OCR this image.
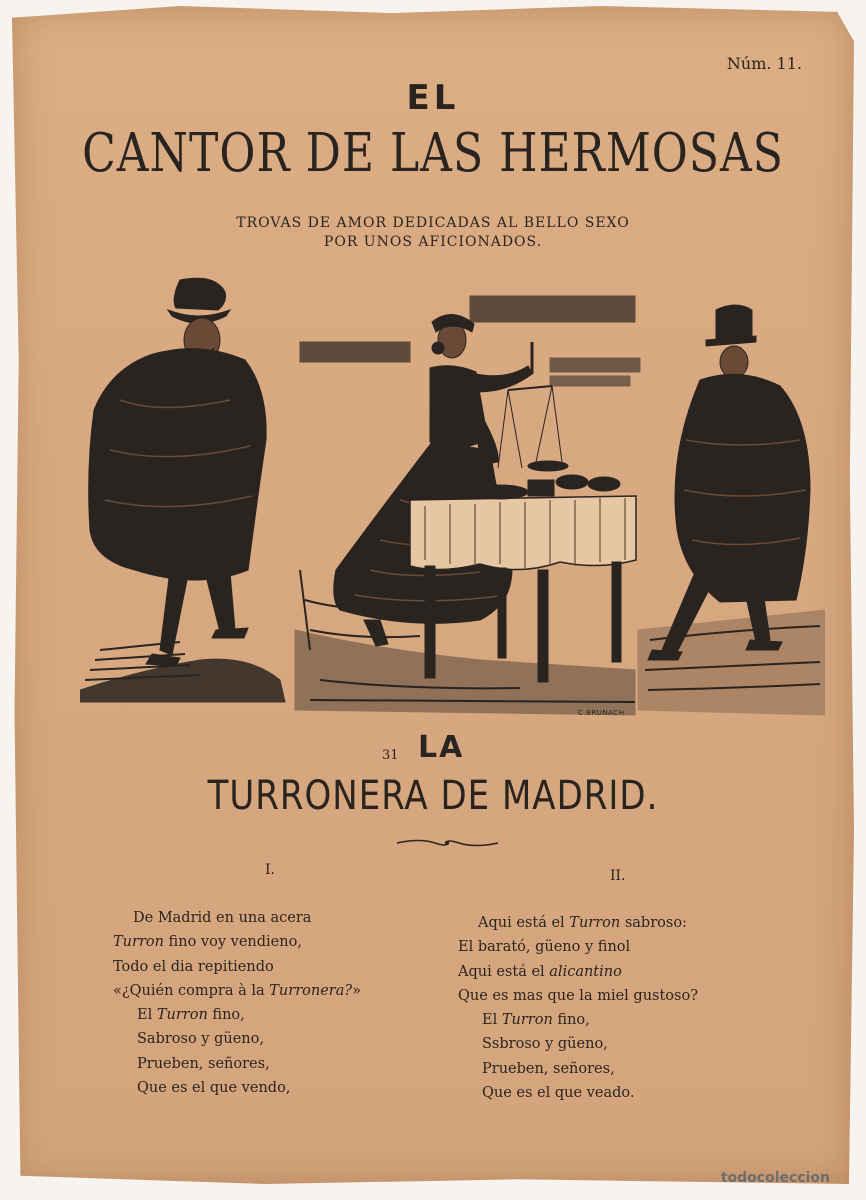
Núm. 11.
EL
CANTOR DE LAS HERMOSAS
TROVAS DE AMOR DEDICADAS AL BELLO SEXO
POR UNOS AFICIONADOS.
C.BRUNACH
31 LA
TURRONERA DE MADRID.
I.	II.
De Madrid en una acera
Turron fino voy vendieno,
Todo el dia repitiendo
«¿Quién compra à la Turronera?»
El Turron fino,
Sabroso y güeno,
Prueben, señores,
Que es el que vendo,
Aqui está el Turron sabroso:
El barató, güeno y finol
Aqui está el alicantino
Que es mas que la miel gustoso?
El Turron fino,
Ssbroso y güeno,
Prueben, señores,
Que es el que veado.
todocoleccion
